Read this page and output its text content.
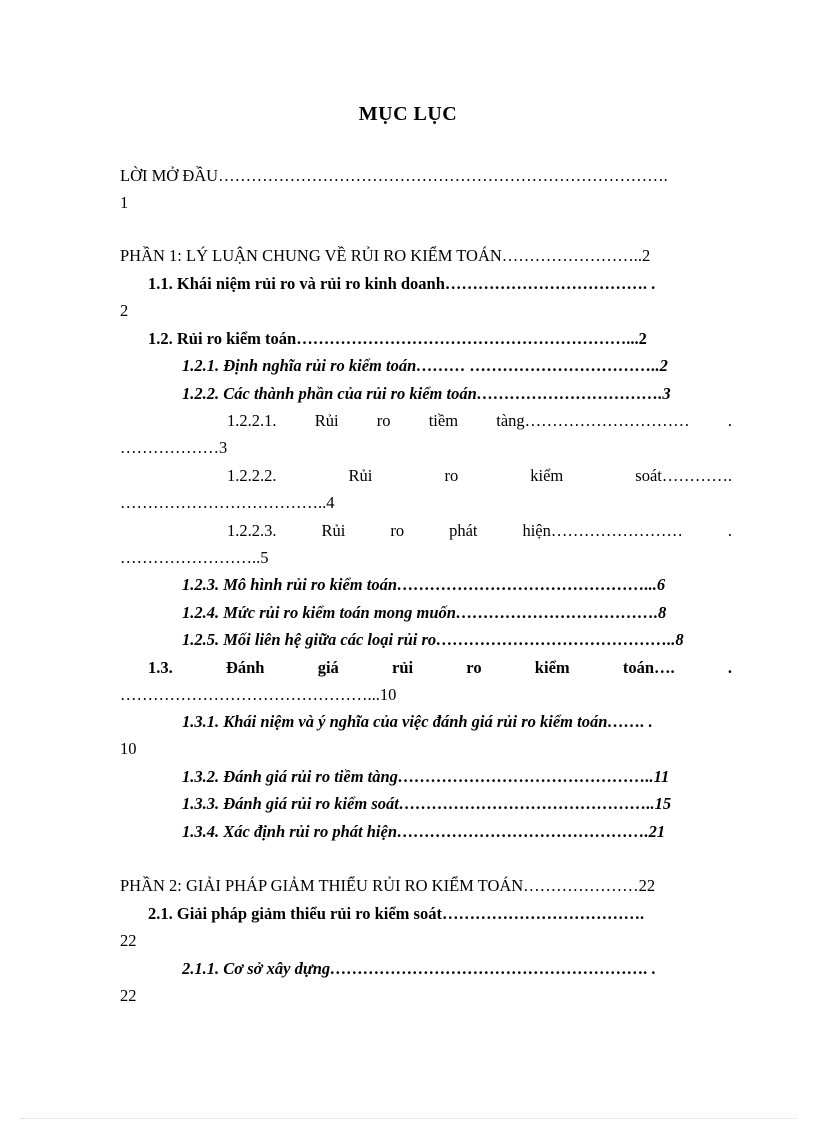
MỤC LỤC
LỜI MỞ ĐẦU……………………………………………………………………….
1
PHẦN 1: LÝ LUẬN CHUNG VỀ RỦI RO KIỂM TOÁN……………………..2
1.1. Khái niệm rủi ro và rủi ro kinh doanh………………………………. .
2
1.2. Rủi ro kiểm toán……………………………………………………...2
1.2.1. Định nghĩa rủi ro kiểm toán……… ……………………………..2
1.2.2. Các thành phần của rủi ro kiểm toán…………………………….3
1.2.2.1. Rủi ro tiềm tàng………………………… .
………………3
1.2.2.2. Rủi ro kiểm soát………….
………………………………..4
1.2.2.3. Rủi ro phát hiện…………………… .
……………………..5
1.2.3. Mô hình rủi ro kiểm toán………………………………………...6
1.2.4. Mức rủi ro kiểm toán mong muốn……………………………….8
1.2.5. Mối liên hệ giữa các loại rủi ro……………………………………..8
1.3. Đánh giá rủi ro kiểm toán…. .
………………………………………...10
1.3.1. Khái niệm và ý nghĩa của việc đánh giá rủi ro kiểm toán……. .
10
1.3.2. Đánh giá rủi ro tiềm tàng………………………………………..11
1.3.3. Đánh giá rủi ro kiểm soát………………………………………..15
1.3.4. Xác định rủi ro phát hiện……………………………………….21
PHẦN 2: GIẢI PHÁP GIẢM THIỂU RỦI RO KIỂM TOÁN…………………22
2.1. Giải pháp giảm thiểu rủi ro kiểm soát……………………………….
22
2.1.1. Cơ sở xây dựng…………………………………………………. .
22
